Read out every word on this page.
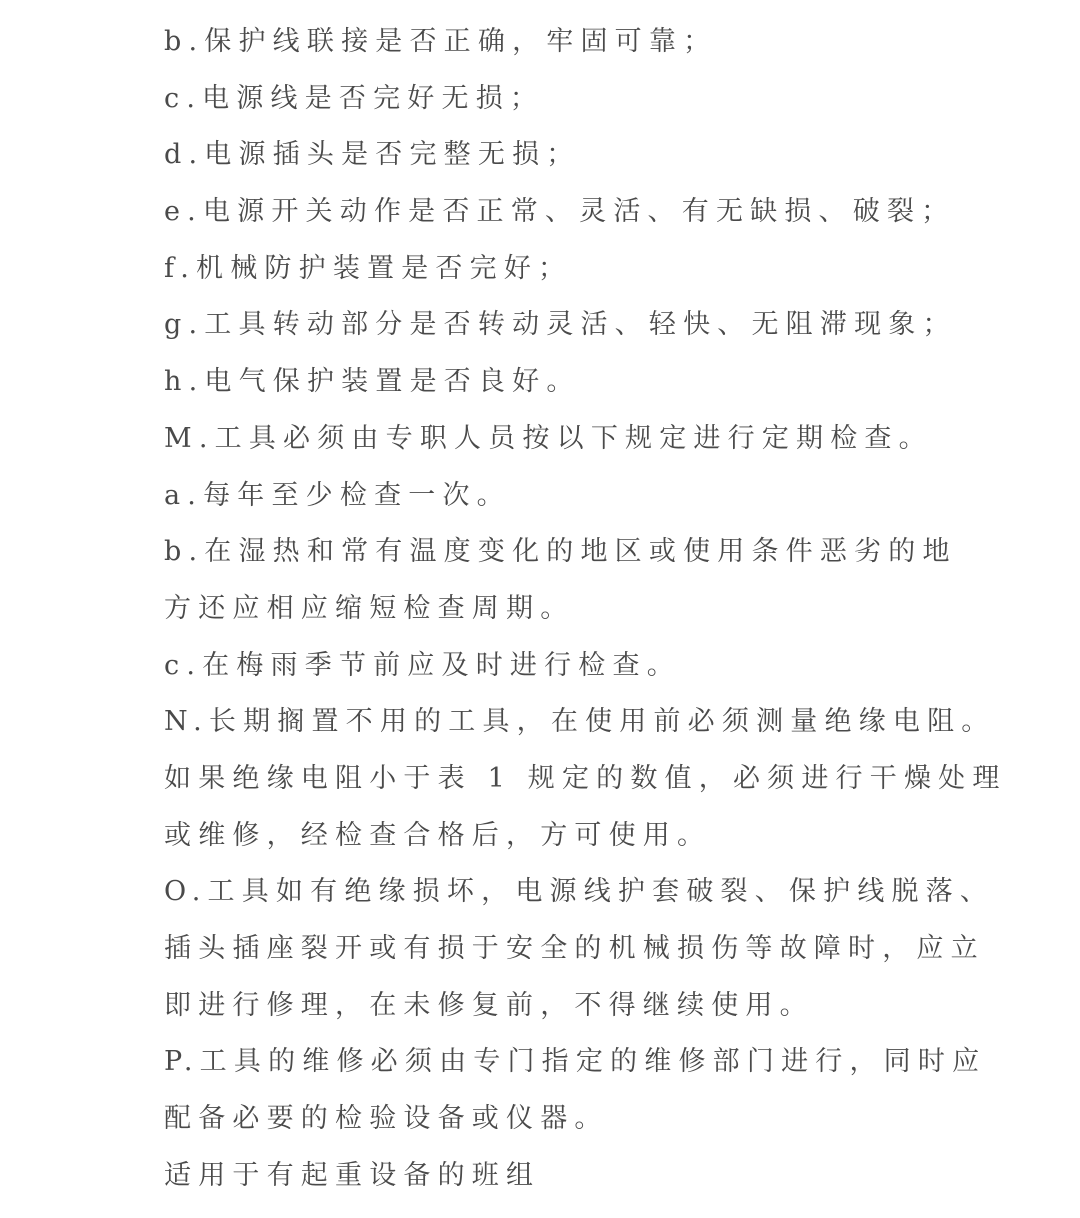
b.保护线联接是否正确，牢固可靠；
c.电源线是否完好无损；
d.电源插头是否完整无损；
e.电源开关动作是否正常、灵活、有无缺损、破裂；
f.机械防护装置是否完好；
g.工具转动部分是否转动灵活、轻快、无阻滞现象；
h.电气保护装置是否良好。
M.工具必须由专职人员按以下规定进行定期检查。
a.每年至少检查一次。
b.在湿热和常有温度变化的地区或使用条件恶劣的地
方还应相应缩短检查周期。
c.在梅雨季节前应及时进行检查。
N.长期搁置不用的工具，在使用前必须测量绝缘电阻。
如果绝缘电阻小于表 1 规定的数值，必须进行干燥处理
或维修，经检查合格后，方可使用。
O.工具如有绝缘损坏，电源线护套破裂、保护线脱落、
插头插座裂开或有损于安全的机械损伤等故障时，应立
即进行修理，在未修复前，不得继续使用。
P.工具的维修必须由专门指定的维修部门进行，同时应
配备必要的检验设备或仪器。
适用于有起重设备的班组
